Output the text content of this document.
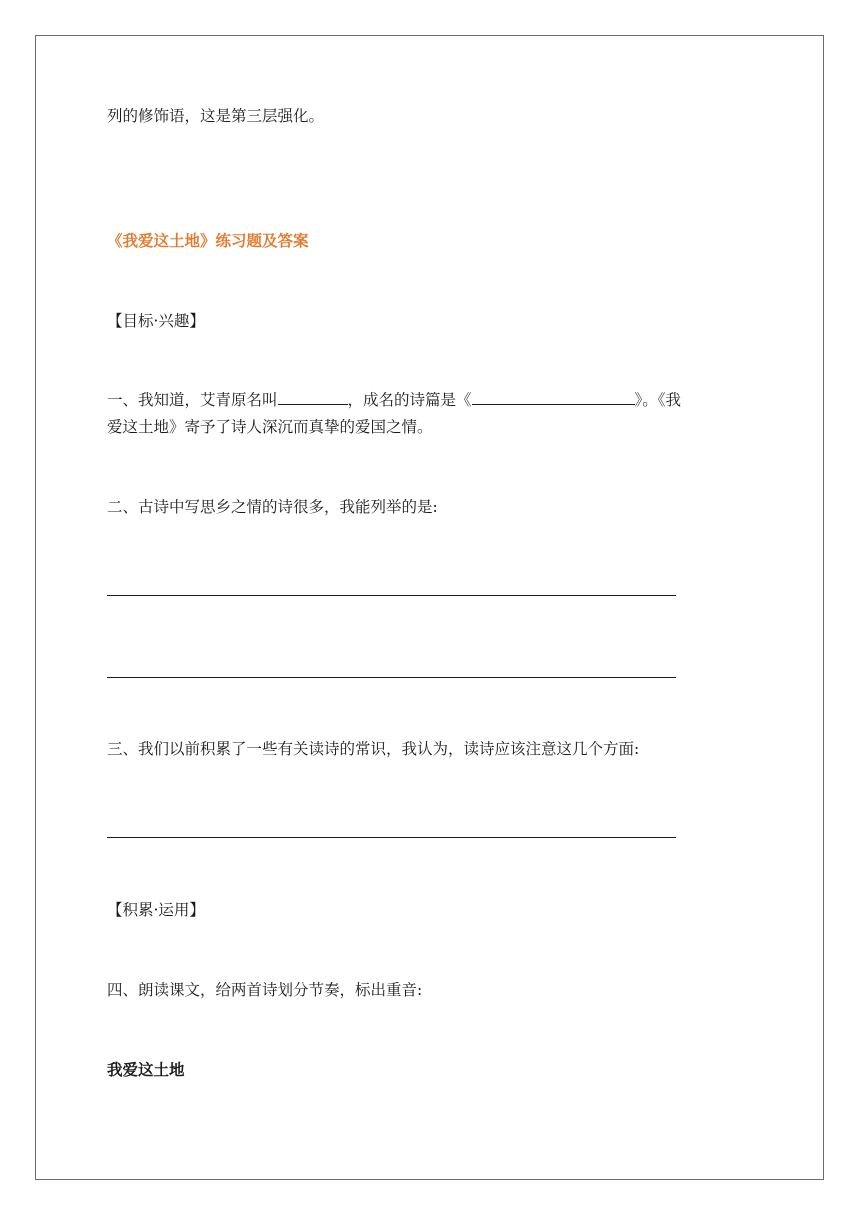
列的修饰语，这是第三层强化。
《我爱这土地》练习题及答案
【目标·兴趣】
一、我知道，艾青原名叫	，成名的诗篇是《	》。《我
爱这土地》寄予了诗人深沉而真挚的爱国之情。
二、古诗中写思乡之情的诗很多，我能列举的是:
三、我们以前积累了一些有关读诗的常识，我认为，读诗应该注意这几个方面:
【积累·运用】
四、朗读课文，给两首诗划分节奏，标出重音:
我爱这土地
